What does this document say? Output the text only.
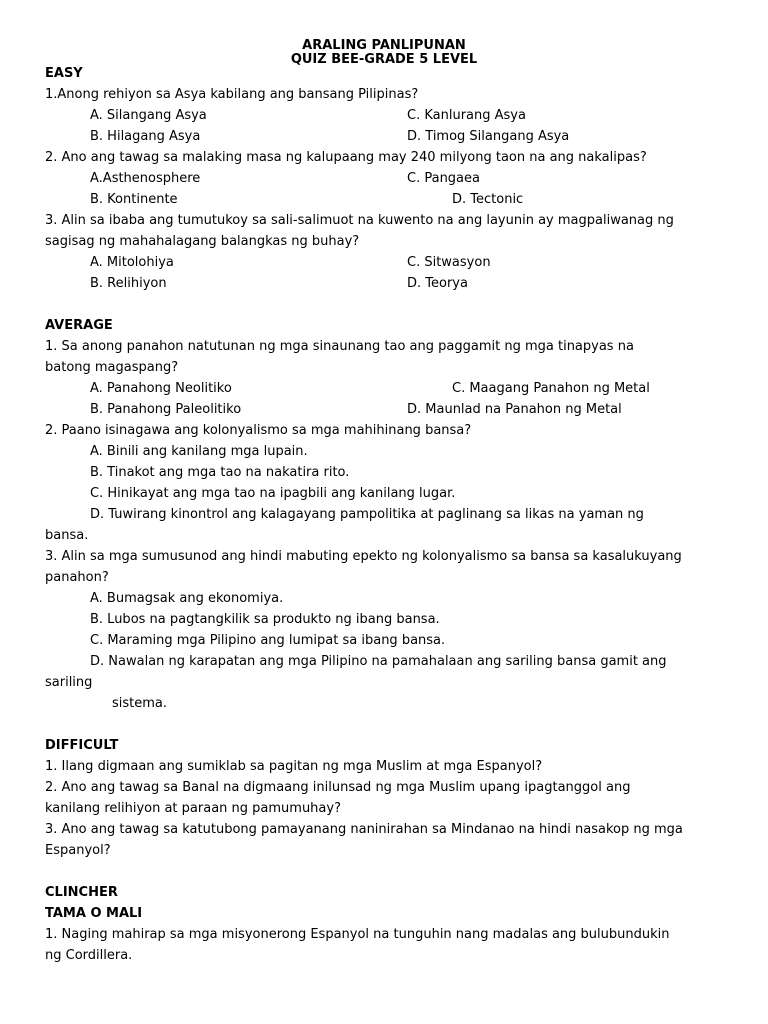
ARALING PANLIPUNAN
QUIZ BEE-GRADE 5 LEVEL
EASY
1.Anong rehiyon sa Asya kabilang ang bansang Pilipinas?
A. Silangang Asya	C. Kanlurang Asya
B. Hilagang Asya	D. Timog Silangang Asya
2. Ano ang tawag sa malaking masa ng kalupaang may 240 milyong taon na ang nakalipas?
A.Asthenosphere	C. Pangaea
B. Kontinente	D. Tectonic
3. Alin sa ibaba ang tumutukoy sa sali-salimuot na kuwento na ang layunin ay magpaliwanag ng
sagisag ng mahahalagang balangkas ng buhay?
A. Mitolohiya	C. Sitwasyon
B. Relihiyon	D. Teorya
AVERAGE
1. Sa anong panahon natutunan ng mga sinaunang tao ang paggamit ng mga tinapyas na
batong magaspang?
A. Panahong Neolitiko	C. Maagang Panahon ng Metal
B. Panahong Paleolitiko	D. Maunlad na Panahon ng Metal
2. Paano isinagawa ang kolonyalismo sa mga mahihinang bansa?
A. Binili ang kanilang mga lupain.
B. Tinakot ang mga tao na nakatira rito.
C. Hinikayat ang mga tao na ipagbili ang kanilang lugar.
D. Tuwirang kinontrol ang kalagayang pampolitika at paglinang sa likas na yaman ng
bansa.
3. Alin sa mga sumusunod ang hindi mabuting epekto ng kolonyalismo sa bansa sa kasalukuyang
panahon?
A. Bumagsak ang ekonomiya.
B. Lubos na pagtangkilik sa produkto ng ibang bansa.
C. Maraming mga Pilipino ang lumipat sa ibang bansa.
D. Nawalan ng karapatan ang mga Pilipino na pamahalaan ang sariling bansa gamit ang
sariling
sistema.
DIFFICULT
1. Ilang digmaan ang sumiklab sa pagitan ng mga Muslim at mga Espanyol?
2. Ano ang tawag sa Banal na digmaang inilunsad ng mga Muslim upang ipagtanggol ang
kanilang relihiyon at paraan ng pamumuhay?
3. Ano ang tawag sa katutubong pamayanang naninirahan sa Mindanao na hindi nasakop ng mga
Espanyol?
CLINCHER
TAMA O MALI
1. Naging mahirap sa mga misyonerong Espanyol na tunguhin nang madalas ang bulubundukin
ng Cordillera.
